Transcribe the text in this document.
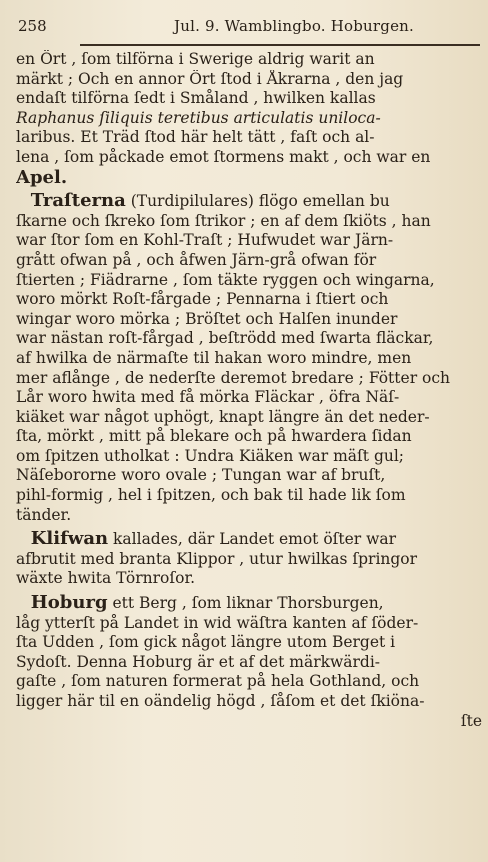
258	Jul. 9. Wamblingbo. Hoburgen.

en Ört , ſom tilförna i Swerige aldrig warit an
märkt ; Och en annor Ört ſtod i Åkrarna , den jag
endaſt tilförna ſedt i Småland , hwilken kallas
Raphanus ſiliquis teretibus articulatis uniloca-
laribus. Et Träd ſtod här helt tätt , faſt och al-
lena , ſom påckade emot ſtormens makt , och war en
Apel.

Traſterna (Turdipilulares) flögo emellan bu
ſkarne och ſkreko ſom ſtrikor ; en af dem ſkiöts , han
war ſtor ſom en Kohl-Traſt ; Hufwudet war Järn-
grått ofwan på , och åfwen Järn-grå ofwan för
ſtierten ; Fiädrarne , ſom täkte ryggen och wingarna,
woro mörkt Roſt-fårgade ; Pennarna i ſtiert och
wingar woro mörka ; Bröſtet och Halſen inunder
war nästan roſt-fårgad , beſtrödd med ſwarta fläckar,
af hwilka de närmaſte til hakan woro mindre, men
mer aflånge , de nederſte deremot bredare ; Fötter och
Lår woro hwita med få mörka Fläckar , öfra Näſ-
kiäket war något uphögt, knapt längre än det neder-
ſta, mörkt , mitt på blekare och på hwardera ſidan
om ſpitzen utholkat : Undra Kiäken war mäſt gul;
Näſebororne woro ovale ; Tungan war af bruſt,
pihl-formig , hel i ſpitzen, och bak til hade lik ſom
tänder.

Klifwan kallades, där Landet emot öſter war
afbrutit med branta Klippor , utur hwilkas ſpringor
wäxte hwita Törnroſor.

Hoburg ett Berg , ſom liknar Thorsburgen,
låg ytterſt på Landet in wid wäſtra kanten af ſöder-
ſta Udden , ſom gick något längre utom Berget i
Sydoſt. Denna Hoburg är et af det märkwärdi-
gaſte , ſom naturen formerat på hela Gothland, och
ligger här til en oändelig högd , ſåſom et det ſkiöna-
ſte
